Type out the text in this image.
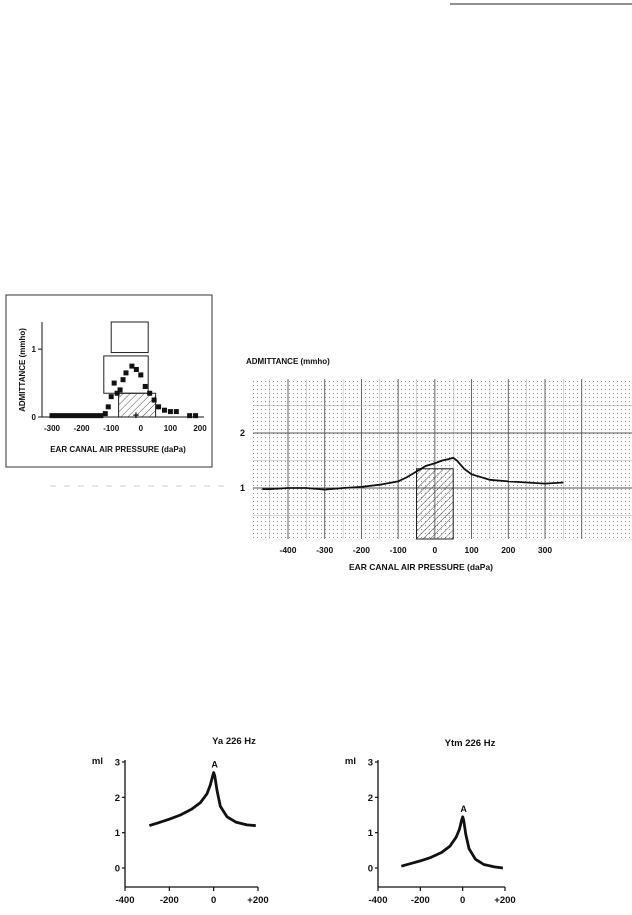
0
1
-300 -200 -100 0	100 200
+
ADMITTANCE (mmho)
EAR CANAL AIR PRESSURE (daPa)
ADMITTANCE (mmho)
1
2
-400 -300 -200 -100	0	100	200	300
EAR CANAL AIR PRESSURE (daPa)
Ya 226 Hz
ml
0
1
2
3
-400	-200	0	+200
A
Ytm 226 Hz
ml
0
1
2
3
-400 -200	0	+200
A
